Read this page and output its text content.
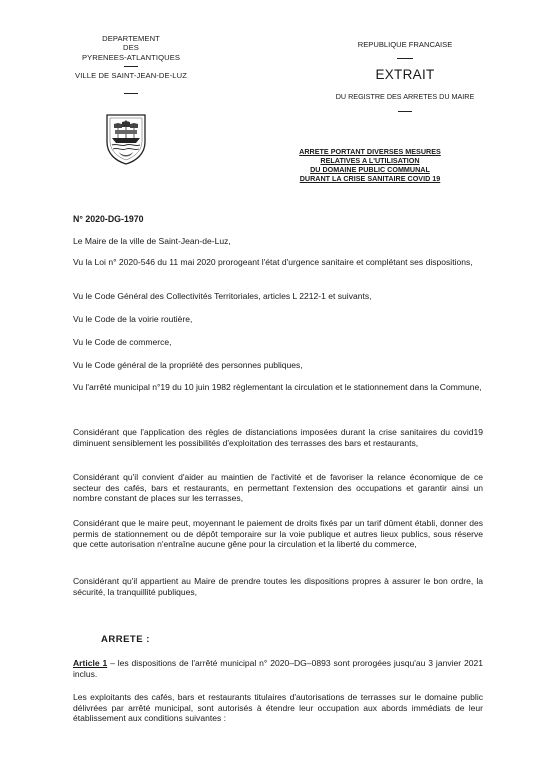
DEPARTEMENT
DES
PYRENEES-ATLANTIQUES
VILLE DE SAINT-JEAN-DE-LUZ
REPUBLIQUE FRANCAISE
EXTRAIT
DU REGISTRE DES ARRETES DU MAIRE
ARRETE PORTANT DIVERSES MESURES
RELATIVES A L'UTILISATION
DU DOMAINE PUBLIC COMMUNAL
DURANT LA CRISE SANITAIRE COVID 19
N° 2020-DG-1970
Le Maire de la ville de Saint-Jean-de-Luz,
Vu la Loi n° 2020-546 du 11 mai 2020 prorogeant l'état d'urgence sanitaire et complétant ses dispositions,
Vu le Code Général des Collectivités Territoriales, articles L 2212-1 et suivants,
Vu le Code de la voirie routière,
Vu le Code de commerce,
Vu le Code général de la propriété des personnes publiques,
Vu l'arrêté municipal n°19 du 10 juin 1982 règlementant la circulation et le stationnement dans la Commune,
Considérant que l'application des règles de distanciations imposées durant la crise sanitaires du covid19 diminuent sensiblement les possibilités d'exploitation des terrasses des bars et restaurants,
Considérant qu'il convient d'aider au maintien de l'activité et de favoriser la relance économique de ce secteur des cafés, bars et restaurants, en permettant l'extension des occupations et garantir ainsi un nombre constant de places sur les terrasses,
Considérant que le maire peut, moyennant le paiement de droits fixés par un tarif dûment établi, donner des permis de stationnement ou de dépôt temporaire sur la voie publique et autres lieux publics, sous réserve que cette autorisation n'entraîne aucune gêne pour la circulation et la liberté du commerce,
Considérant qu'il appartient au Maire de prendre toutes les dispositions propres à assurer le bon ordre, la sécurité, la tranquillité publiques,
ARRETE :
Article 1 – les dispositions de l'arrêté municipal n° 2020–DG–0893 sont prorogées jusqu'au 3 janvier 2021 inclus.
Les exploitants des cafés, bars et restaurants titulaires d'autorisations de terrasses sur le domaine public délivrées par arrêté municipal, sont autorisés à étendre leur occupation aux abords immédiats de leur établissement aux conditions suivantes :
